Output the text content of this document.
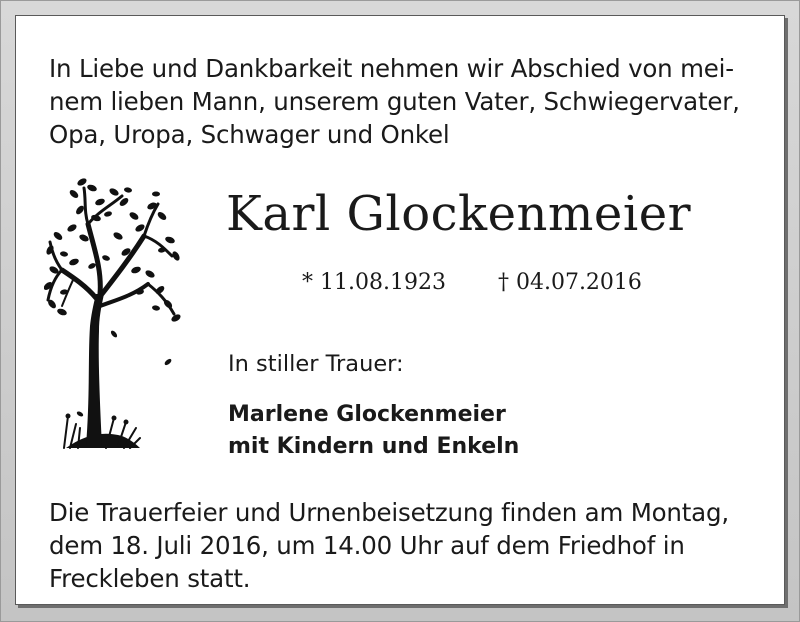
In Liebe und Dankbarkeit nehmen wir Abschied von mei-
nem lieben Mann, unserem guten Vater, Schwiegervater,
Opa, Uropa, Schwager und Onkel
Karl Glockenmeier
* 11.08.1923 † 04.07.2016
In stiller Trauer:
Marlene Glockenmeier
mit Kindern und Enkeln
Die Trauerfeier und Urnenbeisetzung finden am Montag,
dem 18. Juli 2016, um 14.00 Uhr auf dem Friedhof in
Freckleben statt.
